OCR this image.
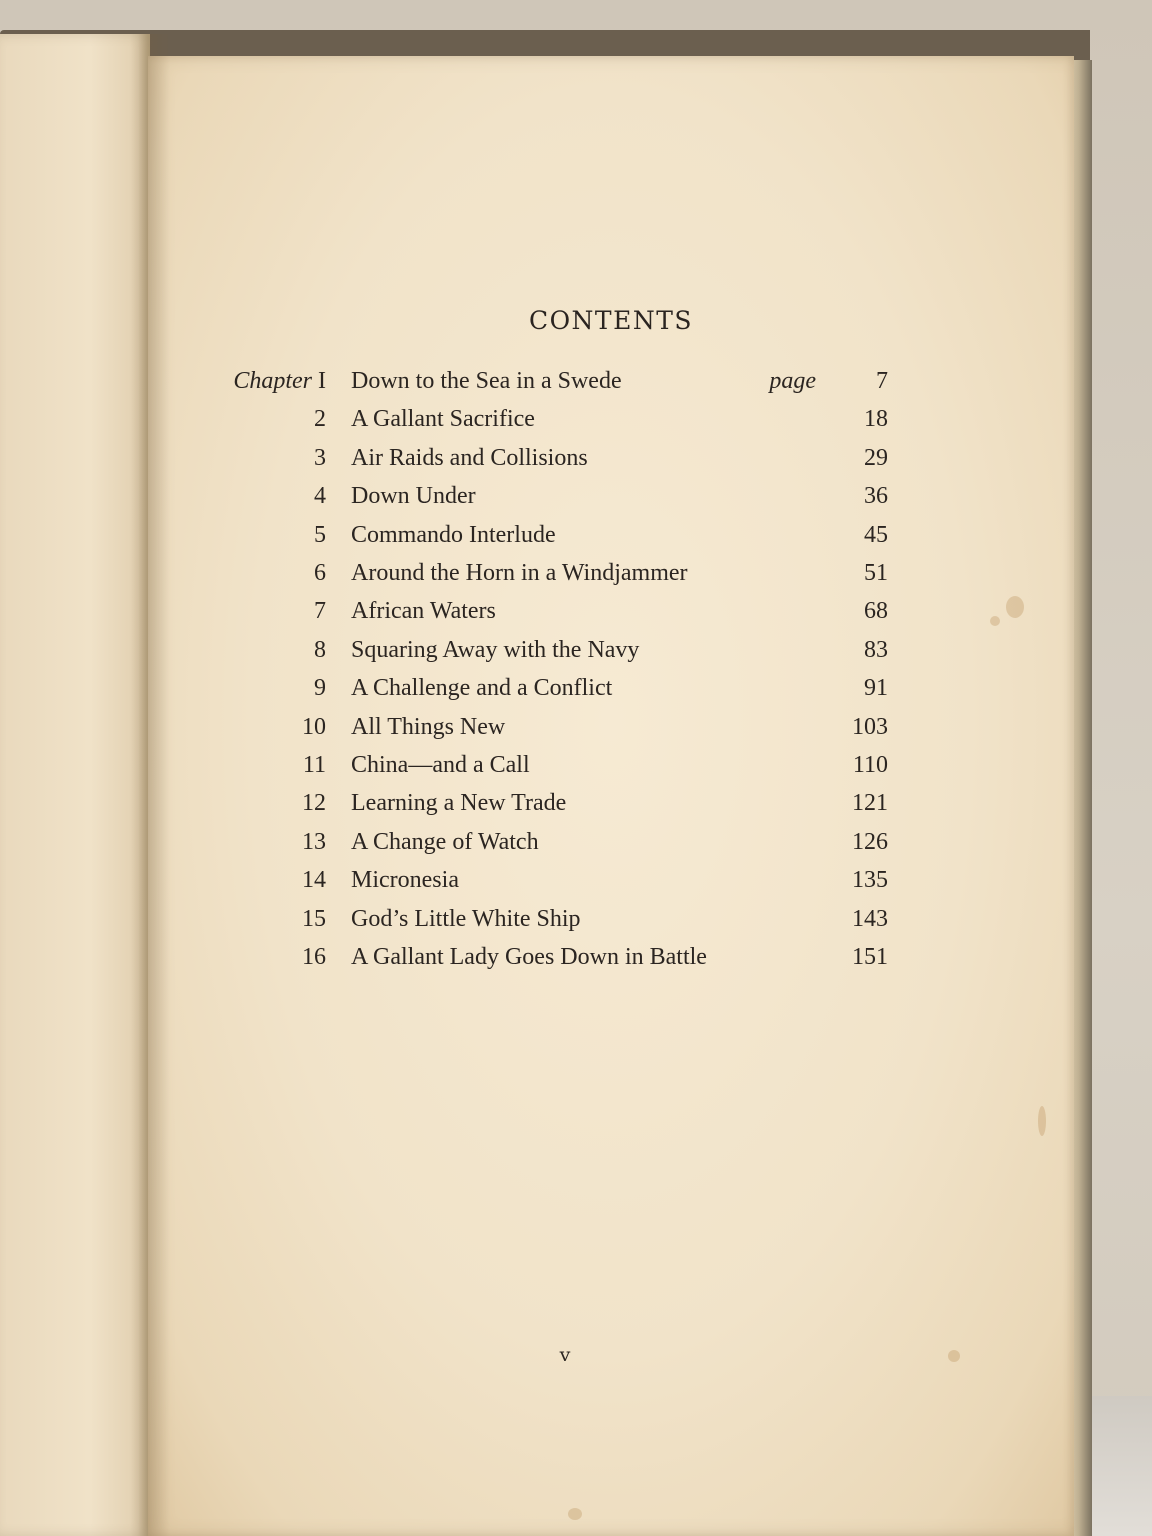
CONTENTS
Chapter I Down to the Sea in a Swede	page	7
2 A Gallant Sacrifice	18
3 Air Raids and Collisions	29
4 Down Under	36
5 Commando Interlude	45
6 Around the Horn in a Windjammer	51
7 African Waters	68
8 Squaring Away with the Navy	83
9 A Challenge and a Conflict	91
10 All Things New	103
11 China—and a Call	110
12 Learning a New Trade	121
13 A Change of Watch	126
14 Micronesia	135
15 God’s Little White Ship	143
16 A Gallant Lady Goes Down in Battle	151
v
